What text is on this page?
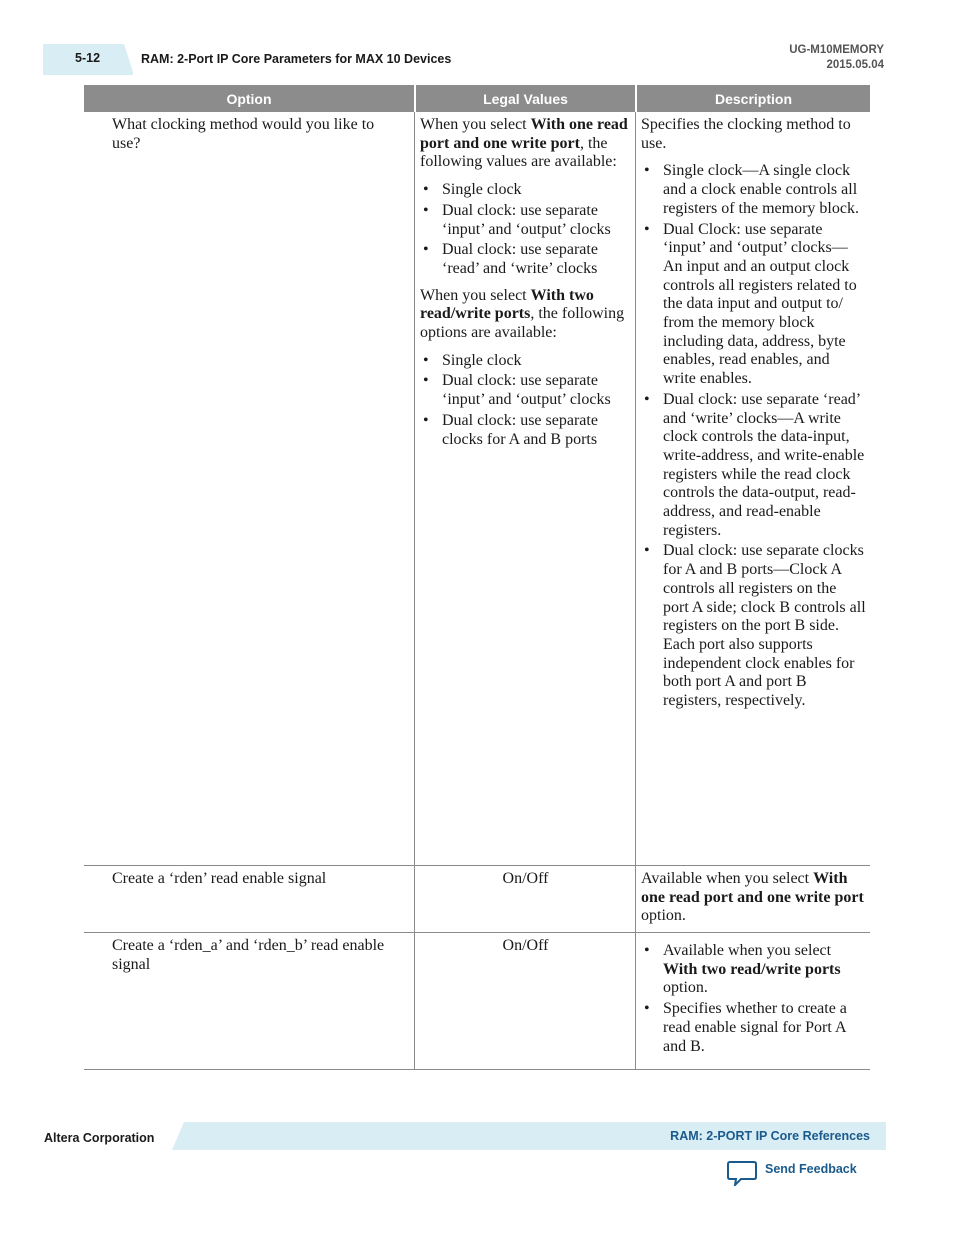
5-12	RAM: 2-Port IP Core Parameters for MAX 10 Devices
UG-M10MEMORY
2015.05.04
Option	Legal Values	Description

What clocking method would you like to use?

When you select With one read port and one write port, the following values are available:

• Single clock
• Dual clock: use separate ‘input’ and ‘output’ clocks
• Dual clock: use separate ‘read’ and ‘write’ clocks

When you select With two read/write ports, the following options are available:

• Single clock
• Dual clock: use separate ‘input’ and ‘output’ clocks
• Dual clock: use separate clocks for A and B ports

Specifies the clocking method to use.

• Single clock—A single clock and a clock enable controls all registers of the memory block.
• Dual Clock: use separate ‘input’ and ‘output’ clocks—An input and an output clock controls all registers related to the data input and output to/ from the memory block including data, address, byte enables, read enables, and write enables.
• Dual clock: use separate ‘read’ and ‘write’ clocks—A write clock controls the data-input, write-address, and write-enable registers while the read clock controls the data-output, read-address, and read-enable registers.
• Dual clock: use separate clocks for A and B ports—Clock A controls all registers on the port A side; clock B controls all registers on the port B side. Each port also supports independent clock enables for both port A and port B registers, respectively.

Create a ‘rden’ read enable signal	On/Off	Available when you select With one read port and one write port option.

Create a ‘rden_a’ and ‘rden_b’ read enable signal

On/Off

•	Available when you select With two read/write ports option.
• Specifies whether to create a read enable signal for Port A and B.
Altera Corporation	RAM: 2-PORT IP Core References
Send Feedback
